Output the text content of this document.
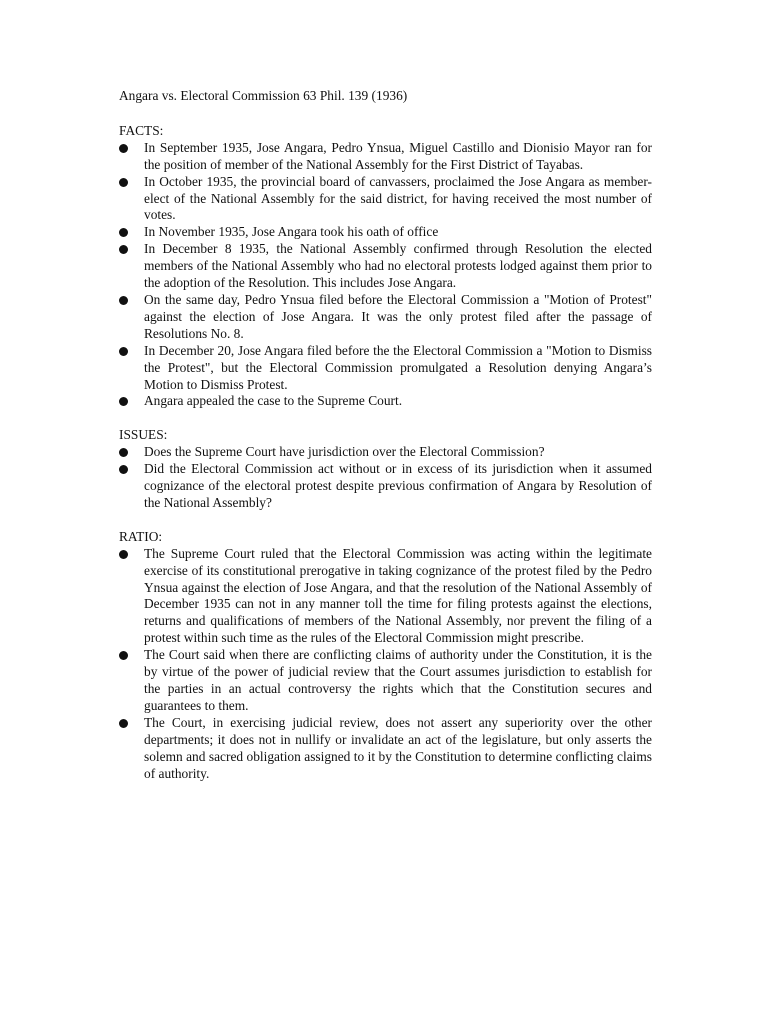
Angara vs. Electoral Commission 63 Phil. 139 (1936)

FACTS:

In September 1935, Jose Angara, Pedro Ynsua, Miguel Castillo and Dionisio Mayor ran for the position of member of the National Assembly for the First District of Tayabas.
In October 1935, the provincial board of canvassers, proclaimed the Jose Angara as member-elect of the National Assembly for the said district, for having received the most number of votes.
In November 1935, Jose Angara took his oath of office
In December 8 1935, the National Assembly confirmed through Resolution the elected members of the National Assembly who had no electoral protests lodged against them prior to the adoption of the Resolution. This includes Jose Angara.
On the same day, Pedro Ynsua filed before the Electoral Commission a "Motion of Protest" against the election of Jose Angara. It was the only protest filed after the passage of Resolutions No. 8.
In December 20, Jose Angara filed before the the Electoral Commission a "Motion to Dismiss the Protest", but the Electoral Commission promulgated a Resolution denying Angara’s Motion to Dismiss Protest.
Angara appealed the case to the Supreme Court.

ISSUES:

Does the Supreme Court have jurisdiction over the Electoral Commission?
Did the Electoral Commission act without or in excess of its jurisdiction when it assumed cognizance of the electoral protest despite previous confirmation of Angara by Resolution of the National Assembly?

RATIO:

The Supreme Court ruled that the Electoral Commission was acting within the legitimate exercise of its constitutional prerogative in taking cognizance of the protest filed by the Pedro Ynsua against the election of Jose Angara, and that the resolution of the National Assembly of December 1935 can not in any manner toll the time for filing protests against the elections, returns and qualifications of members of the National Assembly, nor prevent the filing of a protest within such time as the rules of the Electoral Commission might prescribe.
The Court said when there are conflicting claims of authority under the Constitution, it is the by virtue of the power of judicial review that the Court assumes jurisdiction to establish for the parties in an actual controversy the rights which that the Constitution secures and guarantees to them.
The Court, in exercising judicial review, does not assert any superiority over the other departments; it does not in nullify or invalidate an act of the legislature, but only asserts the solemn and sacred obligation assigned to it by the Constitution to determine conflicting claims of authority.
